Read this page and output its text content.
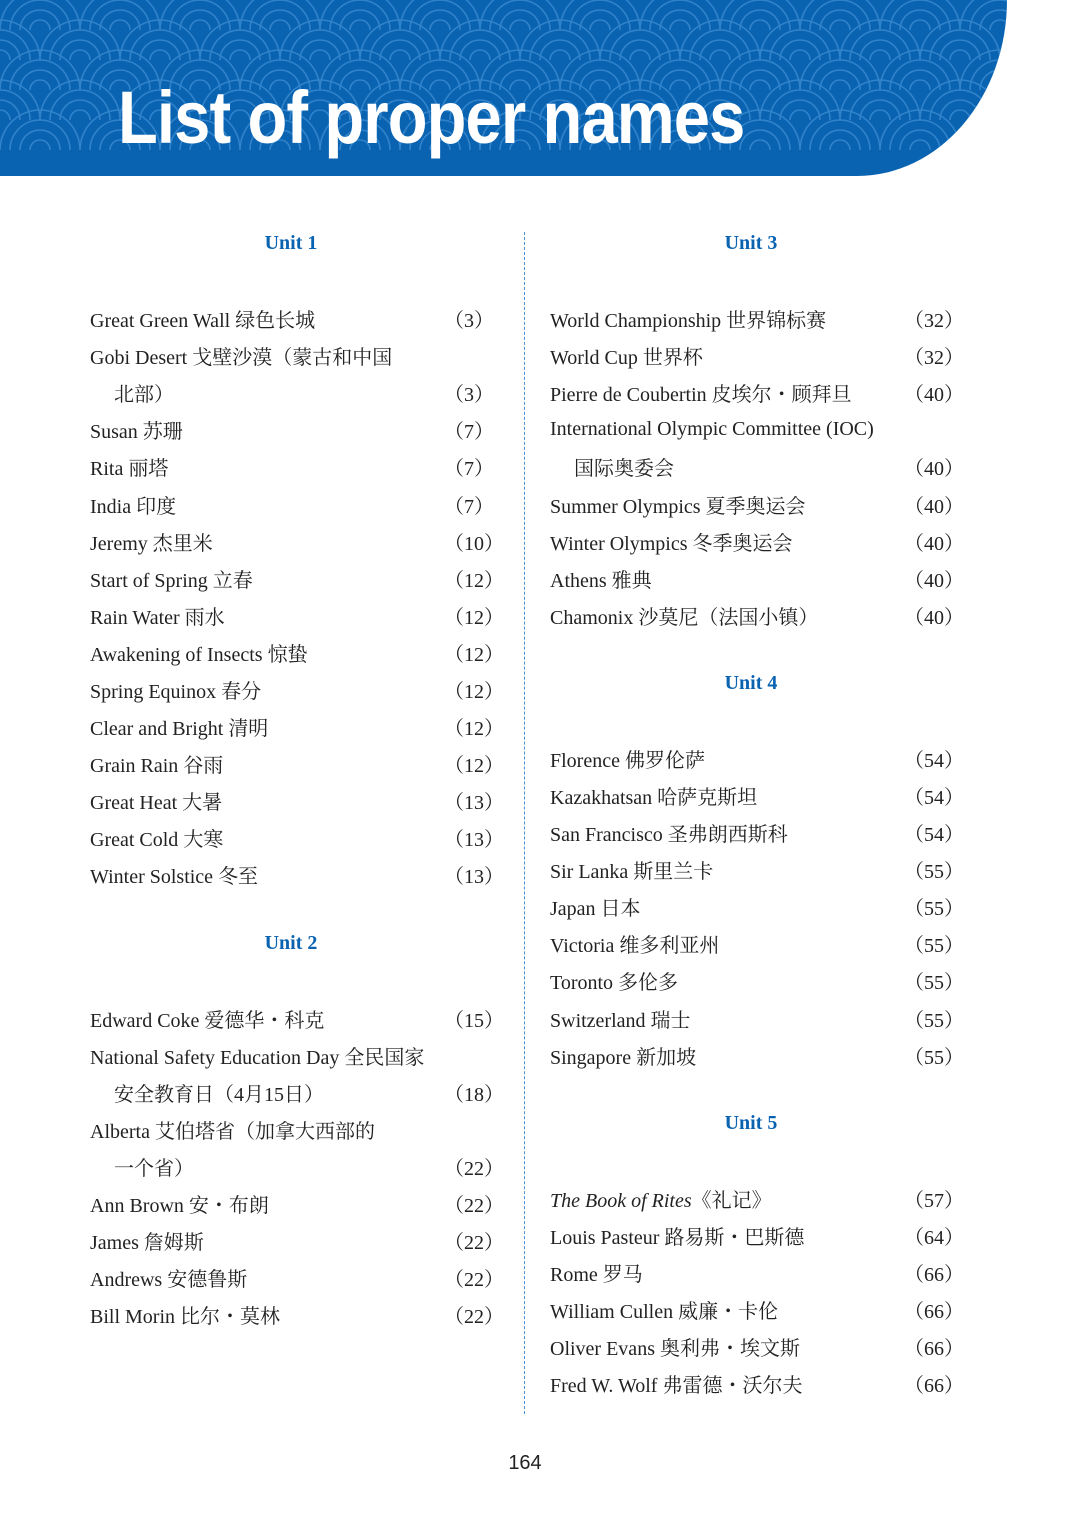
List of proper names
Unit 1
Great Green Wall 绿色长城	（3）
Gobi Desert 戈壁沙漠（蒙古和中国
北部）	（3）
Susan 苏珊	（7）
Rita 丽塔	（7）
India 印度	（7）
Jeremy 杰里米	（10）
Start of Spring 立春	（12）
Rain Water 雨水	（12）
Awakening of Insects 惊蛰	（12）
Spring Equinox 春分	（12）
Clear and Bright 清明	（12）
Grain Rain 谷雨	（12）
Great Heat 大暑	（13）
Great Cold 大寒	（13）
Winter Solstice 冬至	（13）
Unit 2
Edward Coke 爱德华・科克	（15）
National Safety Education Day 全民国家
安全教育日（4月15日）	（18）
Alberta 艾伯塔省（加拿大西部的
一个省）	（22）
Ann Brown 安・布朗	（22）
James 詹姆斯	（22）
Andrews 安德鲁斯	（22）
Bill Morin 比尔・莫林	（22）
Unit 3
World Championship 世界锦标赛	（32）
World Cup 世界杯	（32）
Pierre de Coubertin 皮埃尔・顾拜旦	（40）
International Olympic Committee (IOC)
国际奥委会	（40）
Summer Olympics 夏季奥运会	（40）
Winter Olympics 冬季奥运会	（40）
Athens 雅典	（40）
Chamonix 沙莫尼（法国小镇）	（40）
Unit 4
Florence 佛罗伦萨	（54）
Kazakhatsan 哈萨克斯坦	（54）
San Francisco 圣弗朗西斯科	（54）
Sir Lanka 斯里兰卡	（55）
Japan 日本	（55）
Victoria 维多利亚州	（55）
Toronto 多伦多	（55）
Switzerland 瑞士	（55）
Singapore 新加坡	（55）
Unit 5
The Book of Rites《礼记》	（57）
Louis Pasteur 路易斯・巴斯德	（64）
Rome 罗马	（66）
William Cullen 威廉・卡伦	（66）
Oliver Evans 奥利弗・埃文斯	（66）
Fred W. Wolf 弗雷德・沃尔夫	（66）
164
